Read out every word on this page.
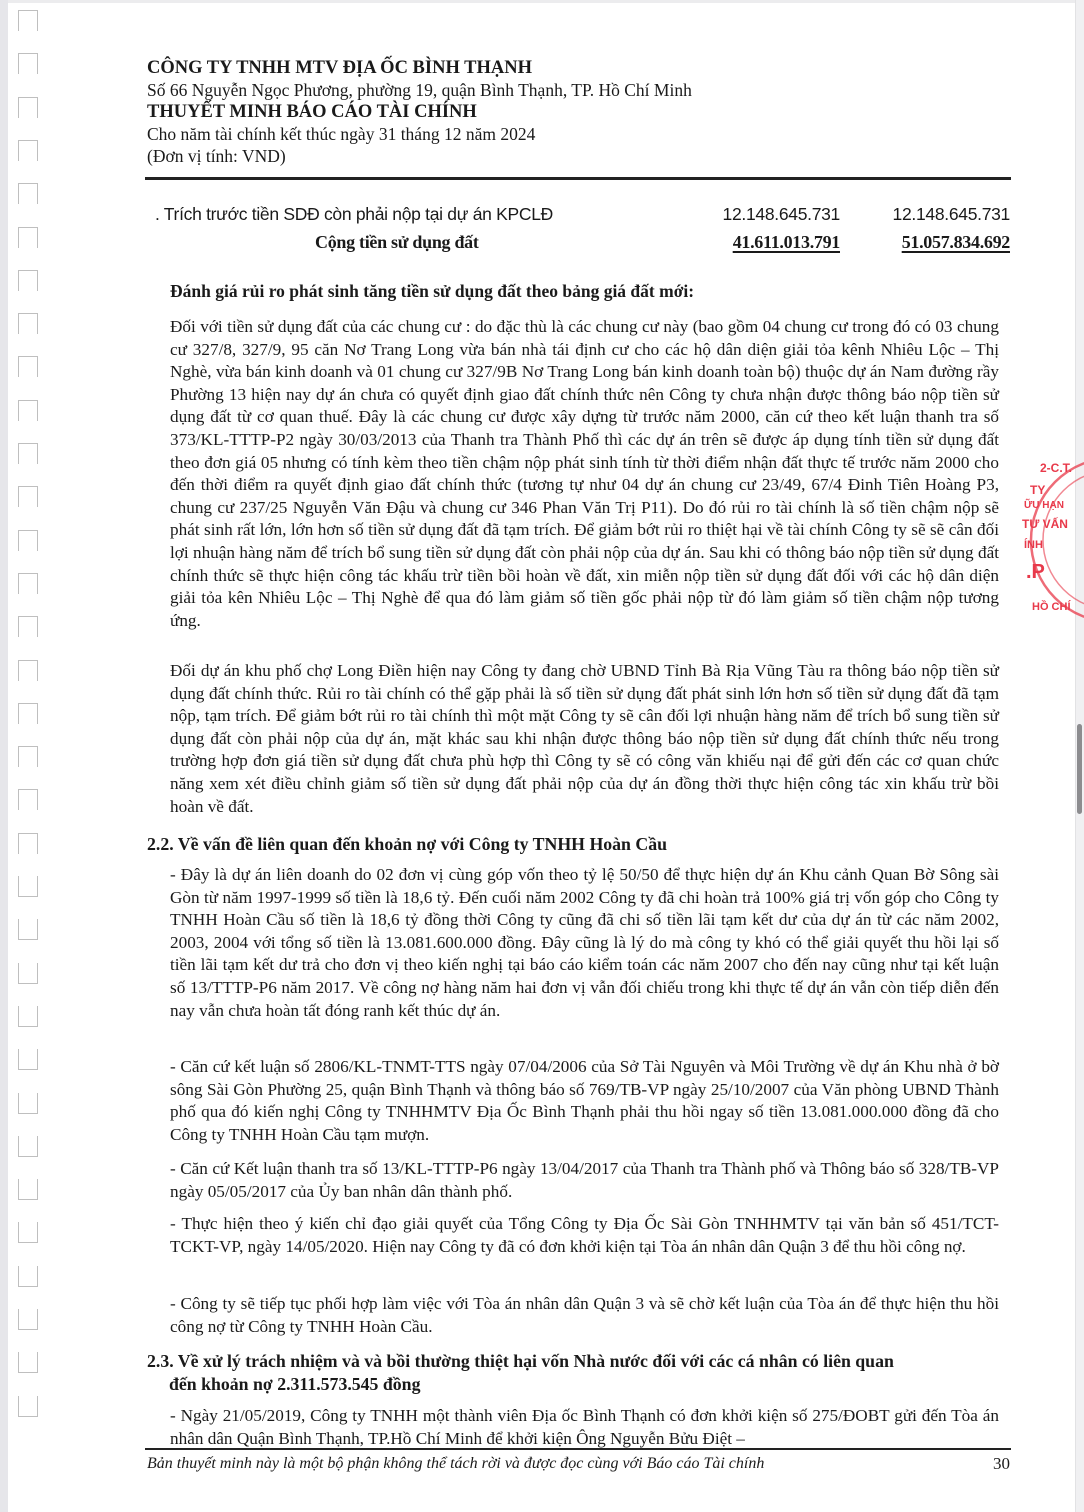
CÔNG TY TNHH MTV ĐỊA ỐC BÌNH THẠNH
Số 66 Nguyễn Ngọc Phương, phường 19, quận Bình Thạnh, TP. Hồ Chí Minh
THUYẾT MINH BÁO CÁO TÀI CHÍNH
Cho năm tài chính kết thúc ngày 31 tháng 12 năm 2024
(Đơn vị tính: VND)
. Trích trước tiền SDĐ còn phải nộp tại dự án KPCLĐ	12.148.645.731	12.148.645.731
Cộng tiền sử dụng đất	41.611.013.791	51.057.834.692
Đánh giá rủi ro phát sinh tăng tiền sử dụng đất theo bảng giá đất mới:

Đối với tiền sử dụng đất của các chung cư : do đặc thù là các chung cư này (bao gồm 04 chung cư trong đó có 03 chung cư 327/8, 327/9, 95 căn Nơ Trang Long vừa bán nhà tái định cư cho các hộ dân diện giải tỏa kênh Nhiêu Lộc – Thị Nghè, vừa bán kinh doanh và 01 chung cư 327/9B Nơ Trang Long bán kinh doanh toàn bộ) thuộc dự án Nam đường rầy Phường 13 hiện nay dự án chưa có quyết định giao đất chính thức nên Công ty chưa nhận được thông báo nộp tiền sử dụng đất từ cơ quan thuế. Đây là các chung cư được xây dựng từ trước năm 2000, căn cứ theo kết luận thanh tra số 373/KL-TTTP-P2 ngày 30/03/2013 của Thanh tra Thành Phố thì các dự án trên sẽ được áp dụng tính tiền sử dụng đất theo đơn giá 05 nhưng có tính kèm theo tiền chậm nộp phát sinh tính từ thời điểm nhận đất thực tế trước năm 2000 cho đến thời điểm ra quyết định giao đất chính thức (tương tự như 04 dự án chung cư 23/49, 67/4 Đinh Tiên Hoàng P3, chung cư 237/25 Nguyễn Văn Đậu và chung cư 346 Phan Văn Trị P11). Do đó rủi ro tài chính là số tiền chậm nộp sẽ phát sinh rất lớn, lớn hơn số tiền sử dụng đất đã tạm trích. Để giảm bớt rủi ro thiệt hại về tài chính Công ty sẽ sẽ cân đối lợi nhuận hàng năm để trích bổ sung tiền sử dụng đất còn phải nộp của dự án. Sau khi có thông báo nộp tiền sử dụng đất chính thức sẽ thực hiện công tác khấu trừ tiền bồi hoàn về đất, xin miễn nộp tiền sử dụng đất đối với các hộ dân diện giải tỏa kên Nhiêu Lộc – Thị Nghè để qua đó làm giảm số tiền gốc phải nộp từ đó làm giảm số tiền chậm nộp tương ứng.

Đối dự án khu phố chợ Long Điền hiện nay Công ty đang chờ UBND Tỉnh Bà Rịa Vũng Tàu ra thông báo nộp tiền sử dụng đất chính thức. Rủi ro tài chính có thể gặp phải là số tiền sử dụng đất phát sinh lớn hơn số tiền sử dụng đất đã tạm nộp, tạm trích. Để giảm bớt rủi ro tài chính thì một mặt Công ty sẽ cân đối lợi nhuận hàng năm để trích bổ sung tiền sử dụng đất còn phải nộp của dự án, mặt khác sau khi nhận được thông báo nộp tiền sử dụng đất chính thức nếu trong trường hợp đơn giá tiền sử dụng đất chưa phù hợp thì Công ty sẽ có công văn khiếu nại để gửi đến các cơ quan chức năng xem xét điều chỉnh giảm số tiền sử dụng đất phải nộp của dự án đồng thời thực hiện công tác xin khấu trừ bồi hoàn về đất.

2.2. Về vấn đề liên quan đến khoản nợ với Công ty TNHH Hoàn Cầu

- Đây là dự án liên doanh do 02 đơn vị cùng góp vốn theo tỷ lệ 50/50 để thực hiện dự án Khu cảnh Quan Bờ Sông sài Gòn từ năm 1997-1999 số tiền là 18,6 tỷ. Đến cuối năm 2002 Công ty đã chi hoàn trả 100% giá trị vốn góp cho Công ty TNHH Hoàn Cầu số tiền là 18,6 tỷ đồng thời Công ty cũng đã chi số tiền lãi tạm kết dư của dự án từ các năm 2002, 2003, 2004 với tổng số tiền là 13.081.600.000 đồng. Đây cũng là lý do mà công ty khó có thể giải quyết thu hồi lại số tiền lãi tạm kết dư trả cho đơn vị theo kiến nghị tại báo cáo kiểm toán các năm 2007 cho đến nay cũng như tại kết luận số 13/TTTP-P6 năm 2017. Về công nợ hàng năm hai đơn vị vẫn đối chiếu trong khi thực tế dự án vẫn còn tiếp diễn đến nay vẫn chưa hoàn tất đóng ranh kết thúc dự án.

- Căn cứ kết luận số 2806/KL-TNMT-TTS ngày 07/04/2006 của Sở Tài Nguyên và Môi Trường về dự án Khu nhà ở bờ sông Sài Gòn Phường 25, quận Bình Thạnh và thông báo số 769/TB-VP ngày 25/10/2007 của Văn phòng UBND Thành phố qua đó kiến nghị Công ty TNHHMTV Địa Ốc Bình Thạnh phải thu hồi ngay số tiền 13.081.000.000 đồng đã cho Công ty TNHH Hoàn Cầu tạm mượn.

- Căn cứ Kết luận thanh tra số 13/KL-TTTP-P6 ngày 13/04/2017 của Thanh tra Thành phố và Thông báo số 328/TB-VP ngày 05/05/2017 của Ủy ban nhân dân thành phố.

- Thực hiện theo ý kiến chỉ đạo giải quyết của Tổng Công ty Địa Ốc Sài Gòn TNHHMTV tại văn bản số 451/TCT-TCKT-VP, ngày 14/05/2020. Hiện nay Công ty đã có đơn khởi kiện tại Tòa án nhân dân Quận 3 để thu hồi công nợ.

- Công ty sẽ tiếp tục phối hợp làm việc với Tòa án nhân dân Quận 3 và sẽ chờ kết luận của Tòa án để thực hiện thu hồi công nợ từ Công ty TNHH Hoàn Cầu.

2.3. Về xử lý trách nhiệm và và bồi thường thiệt hại vốn Nhà nước đối với các cá nhân có liên quan
đến khoản nợ 2.311.573.545 đồng

- Ngày 21/05/2019, Công ty TNHH một thành viên Địa ốc Bình Thạnh có đơn khởi kiện số 275/ĐOBT gửi đến Tòa án nhân dân Quận Bình Thạnh, TP.Hồ Chí Minh để khởi kiện Ông Nguyễn Bửu Điệt –

Bản thuyết minh này là một bộ phận không thể tách rời và được đọc cùng với Báo cáo Tài chính	30
2-C.T.
TY
ỮU HẠN
TƯ VẤN
ÍNH
.P
HỒ CHÍ
